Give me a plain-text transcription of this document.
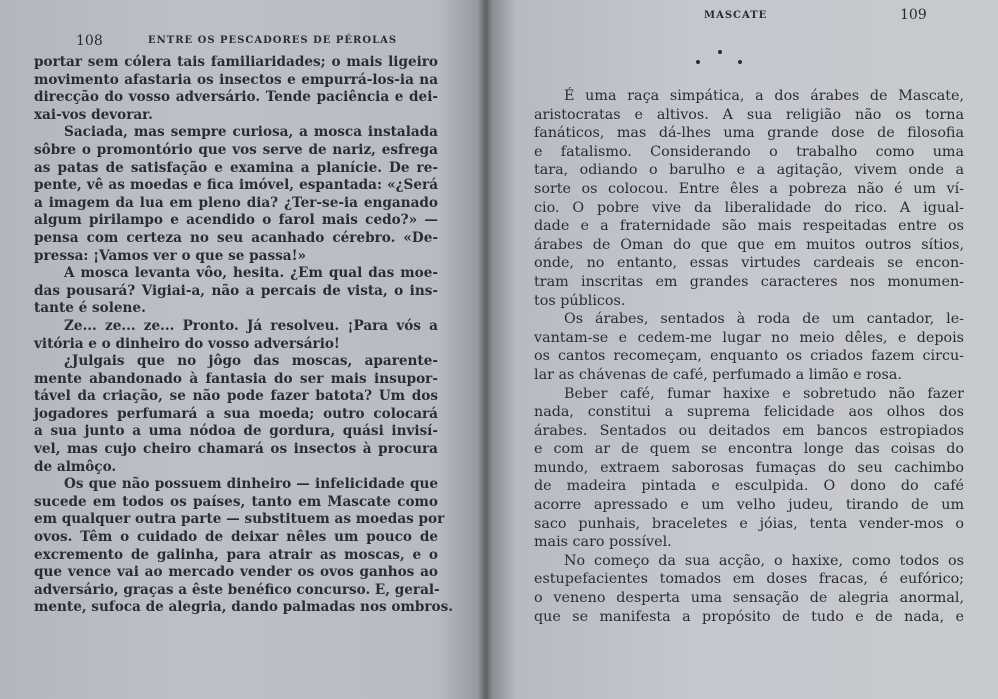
108	ENTRE OS PESCADORES DE PÉROLAS
portar sem cólera tais familiaridades; o mais ligeiro
movimento afastaria os insectos e empurrá-los-ia na
direcção do vosso adversário. Tende paciência e dei-
xai-vos devorar.
Saciada, mas sempre curiosa, a mosca instalada
sôbre o promontório que vos serve de nariz, esfrega
as patas de satisfação e examina a planície. De re-
pente, vê as moedas e fica imóvel, espantada: «¿Será
a imagem da lua em pleno dia? ¿Ter-se-ia enganado
algum pirilampo e acendido o farol mais cedo?» —
pensa com certeza no seu acanhado cérebro. «De-
pressa: ¡Vamos ver o que se passa!»
A mosca levanta vôo, hesita. ¿Em qual das moe-
das pousará? Vigiai-a, não a percais de vista, o ins-
tante é solene.
Ze... ze... ze... Pronto. Já resolveu. ¡Para vós a
vitória e o dinheiro do vosso adversário!
¿Julgais que no jôgo das moscas, aparente-
mente abandonado à fantasia do ser mais insupor-
tável da criação, se não pode fazer batota? Um dos
jogadores perfumará a sua moeda; outro colocará
a sua junto a uma nódoa de gordura, quási invisí-
vel, mas cujo cheiro chamará os insectos à procura
de almôço.
Os que não possuem dinheiro — infelicidade que
sucede em todos os países, tanto em Mascate como
em qualquer outra parte — substituem as moedas por
ovos. Têm o cuidado de deixar nêles um pouco de
excremento de galinha, para atrair as moscas, e o
que vence vai ao mercado vender os ovos ganhos ao
adversário, graças a êste benéfico concurso. E, geral-
mente, sufoca de alegria, dando palmadas nos ombros.
MASCATE	109
É uma raça simpática, a dos árabes de Mascate,
aristocratas e altivos. A sua religião não os torna
fanáticos, mas dá-lhes uma grande dose de filosofia
e fatalismo. Considerando o trabalho como uma
tara, odiando o barulho e a agitação, vivem onde a
sorte os colocou. Entre êles a pobreza não é um ví-
cio. O pobre vive da liberalidade do rico. A igual-
dade e a fraternidade são mais respeitadas entre os
árabes de Oman do que que em muitos outros sítios,
onde, no entanto, essas virtudes cardeais se encon-
tram inscritas em grandes caracteres nos monumen-
tos públicos.
Os árabes, sentados à roda de um cantador, le-
vantam-se e cedem-me lugar no meio dêles, e depois
os cantos recomeçam, enquanto os criados fazem circu-
lar as chávenas de café, perfumado a limão e rosa.
Beber café, fumar haxixe e sobretudo não fazer
nada, constitui a suprema felicidade aos olhos dos
árabes. Sentados ou deitados em bancos estropiados
e com ar de quem se encontra longe das coisas do
mundo, extraem saborosas fumaças do seu cachimbo
de madeira pintada e esculpida. O dono do café
acorre apressado e um velho judeu, tirando de um
saco punhais, braceletes e jóias, tenta vender-mos o
mais caro possível.
No começo da sua acção, o haxixe, como todos os
estupefacientes tomados em doses fracas, é eufórico;
o veneno desperta uma sensação de alegria anormal,
que se manifesta a propósito de tudo e de nada, e
